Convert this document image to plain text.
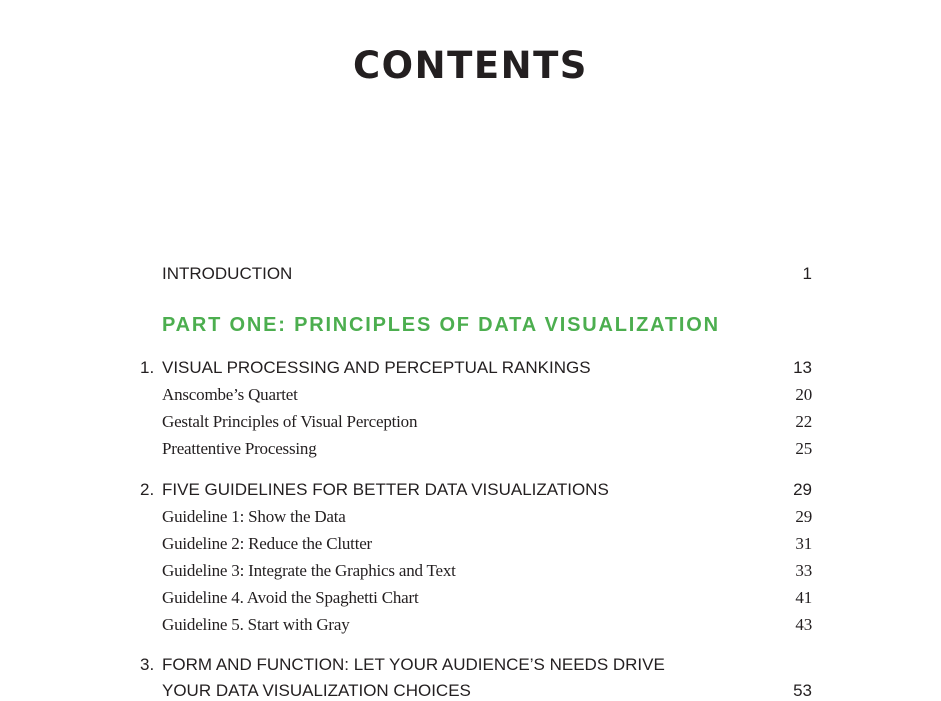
CONTENTS
INTRODUCTION	1
PART ONE: PRINCIPLES OF DATA VISUALIZATION
1. VISUAL PROCESSING AND PERCEPTUAL RANKINGS	13
Anscombe’s Quartet	20
Gestalt Principles of Visual Perception	22
Preattentive Processing	25
2. FIVE GUIDELINES FOR BETTER DATA VISUALIZATIONS	29
Guideline 1: Show the Data	29
Guideline 2: Reduce the Clutter	31
Guideline 3: Integrate the Graphics and Text	33
Guideline 4. Avoid the Spaghetti Chart	41
Guideline 5. Start with Gray	43
3. FORM AND FUNCTION: LET YOUR AUDIENCE’S NEEDS DRIVE
YOUR DATA VISUALIZATION CHOICES	53
